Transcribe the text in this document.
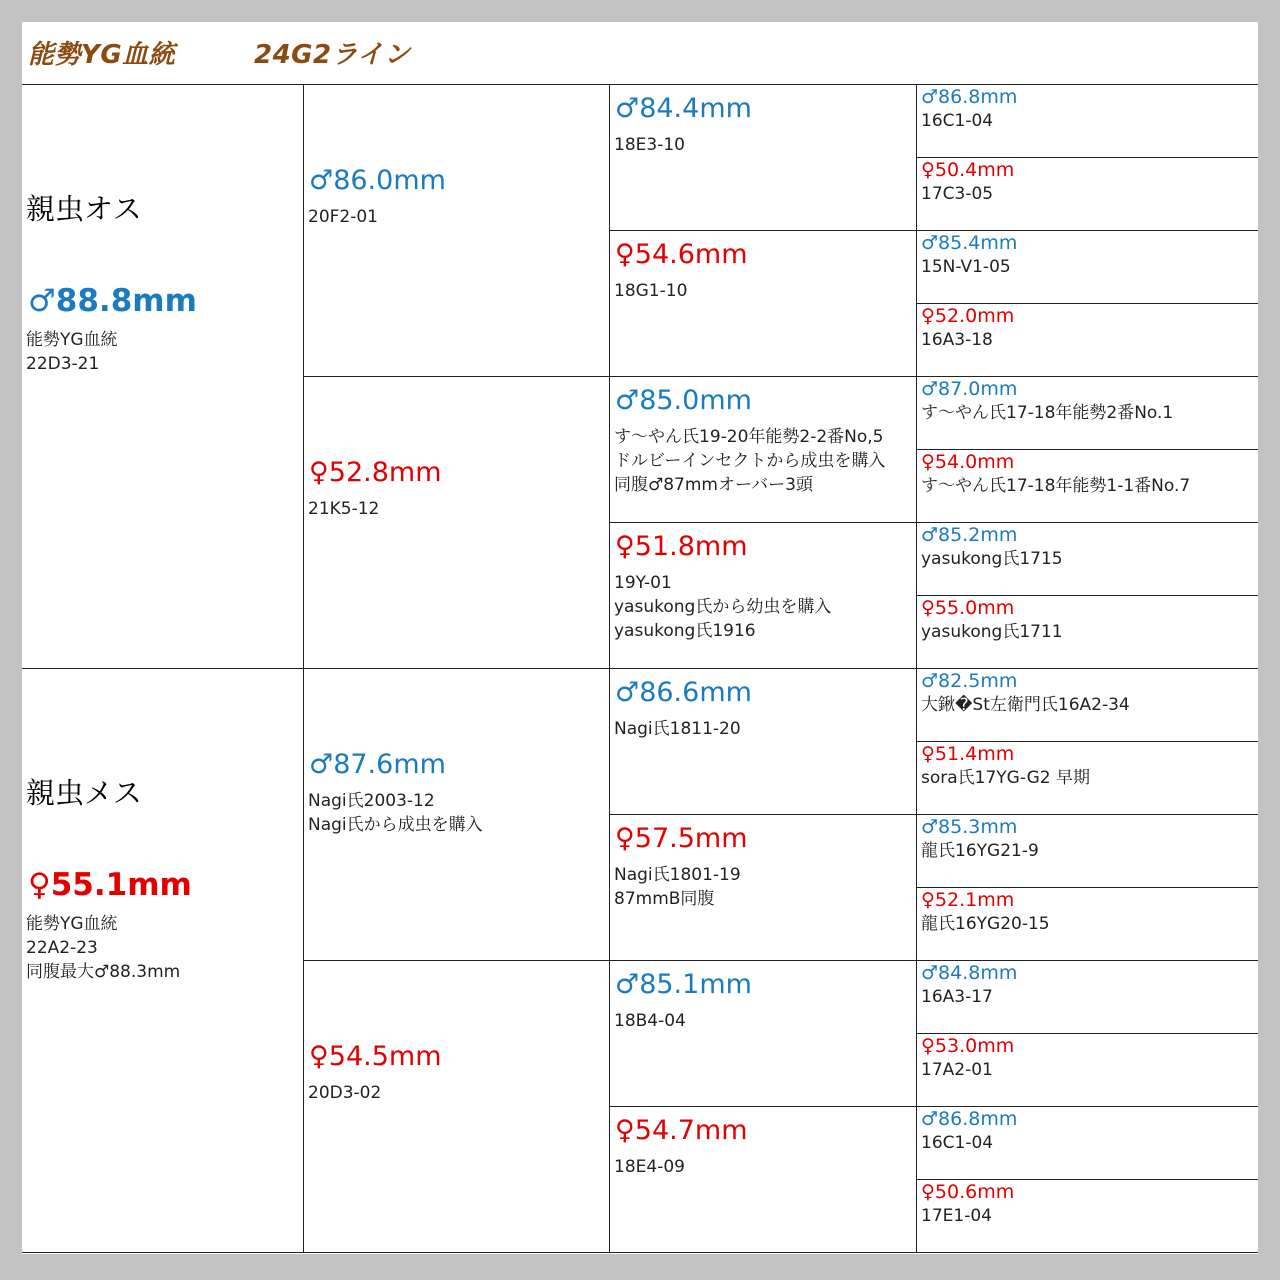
能勢YG血統	24G2ライン
親虫オス
♂88.8mm
能勢YG血統
22D3-21
♂86.0mm
20F2-01
♂84.4mm
18E3-10
♂86.8mm
16C1-04
♀50.4mm
17C3-05
♀54.6mm
18G1-10
♂85.4mm
15N-V1-05
♀52.0mm
16A3-18
♀52.8mm
21K5-12
♂85.0mm
す〜やん氏19-20年能勢2-2番No,5
ドルビーインセクトから成虫を購入
同腹♂87mmオーバー3頭
♂87.0mm
す〜やん氏17-18年能勢2番No.1
♀54.0mm
す〜やん氏17-18年能勢1-1番No.7
♀51.8mm
19Y-01
yasukong氏から幼虫を購入
yasukong氏1916
♂85.2mm
yasukong氏1715
♀55.0mm
yasukong氏1711
親虫メス
♀55.1mm
能勢YG血統
22A2-23
同腹最大♂88.3mm
♂87.6mm
Nagi氏2003-12
Nagi氏から成虫を購入
♂86.6mm
Nagi氏1811-20
♂82.5mm
大鍬�St左衛門氏16A2-34
♀51.4mm
sora氏17YG-G2 早期
♀57.5mm
Nagi氏1801-19
87mmB同腹
♂85.3mm
龍氏16YG21-9
♀52.1mm
龍氏16YG20-15
♀54.5mm
20D3-02
♂85.1mm
18B4-04
♂84.8mm
16A3-17
♀53.0mm
17A2-01
♀54.7mm
18E4-09
♂86.8mm
16C1-04
♀50.6mm
17E1-04
